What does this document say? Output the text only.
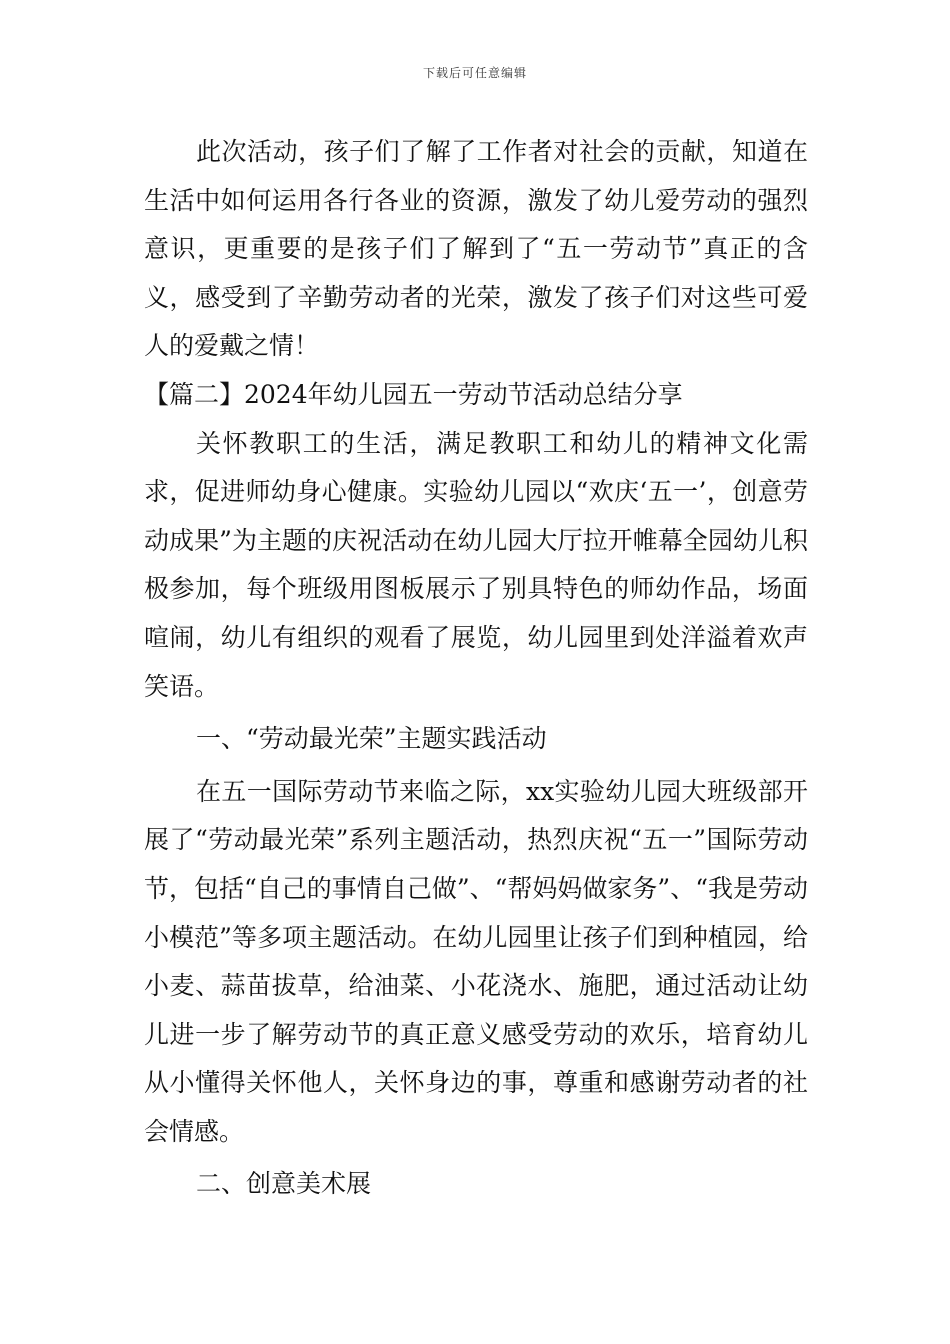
下载后可任意编辑

此次活动，孩子们了解了工作者对社会的贡献，知道在生活中如何运用各行各业的资源，激发了幼儿爱劳动的强烈意识，更重要的是孩子们了解到了“五一劳动节”真正的含义，感受到了辛勤劳动者的光荣，激发了孩子们对这些可爱人的爱戴之情！

【篇二】2024年幼儿园五一劳动节活动总结分享

关怀教职工的生活，满足教职工和幼儿的精神文化需求，促进师幼身心健康。实验幼儿园以“欢庆‘五一’，创意劳动成果”为主题的庆祝活动在幼儿园大厅拉开帷幕全园幼儿积极参加，每个班级用图板展示了别具特色的师幼作品，场面喧闹，幼儿有组织的观看了展览，幼儿园里到处洋溢着欢声笑语。

一、“劳动最光荣”主题实践活动

在五一国际劳动节来临之际，xx实验幼儿园大班级部开展了“劳动最光荣”系列主题活动，热烈庆祝“五一”国际劳动节，包括“自己的事情自己做”、“帮妈妈做家务”、“我是劳动小模范”等多项主题活动。在幼儿园里让孩子们到种植园，给小麦、蒜苗拔草，给油菜、小花浇水、施肥，通过活动让幼儿进一步了解劳动节的真正意义感受劳动的欢乐，培育幼儿从小懂得关怀他人，关怀身边的事，尊重和感谢劳动者的社会情感。

二、创意美术展
